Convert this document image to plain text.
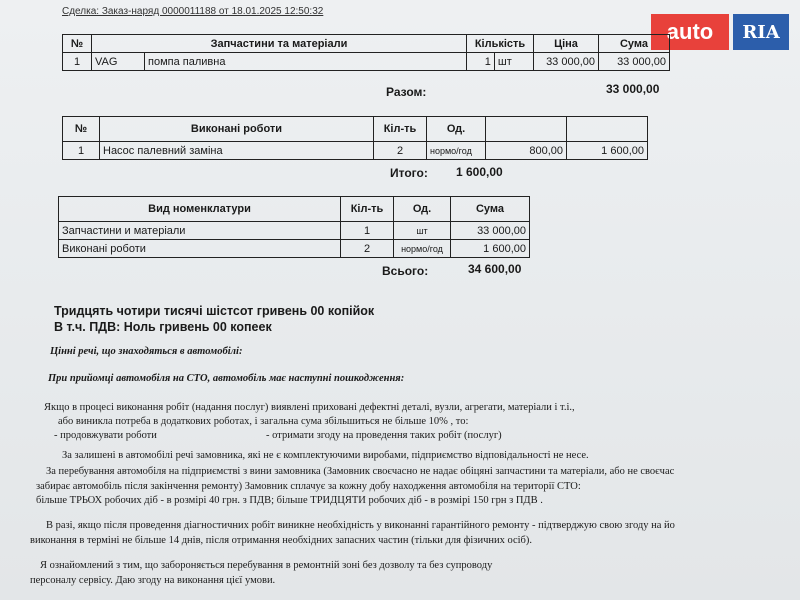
Сделка: Заказ-наряд 0000011188 от 18.01.2025 12:50:32
auto	RIA
№	Запчастини та матеріали		Кількість		Ціна	Сума
1	VAG	помпа паливна	1	шт	33 000,00	33 000,00
Разом:	33 000,00
№	Виконані роботи	Кіл-ть	Од.		
1	Насос палевний заміна	2	нормо/год	800,00	1 600,00
Итого: 1 600,00
Вид номенклатури	Кіл-ть	Од.	Сума
Запчастини и матеріали	1	шт	33 000,00
Виконані роботи	2	нормо/год	1 600,00
Всього:	34 600,00
Тридцять чотири тисячі шістсот гривень 00 копійок
В т.ч. ПДВ: Ноль гривень 00 копеек
Цінні речі, що знаходяться в автомобілі:
При прийомці автомобіля на СТО, автомобіль має наступні пошкодження:
Якщо в процесі виконання робіт (надання послуг) виявлені приховані дефектні деталі, вузли, агрегати, матеріали і т.і.,
або виникла потреба в додаткових роботах, і загальна сума збільшиться не більше 10% , то:
- продовжувати роботи	- отримати згоду на проведення таких робіт (послуг)
За залишені в автомобілі речі замовника, які не є комплектуючими виробами, підприємство відповідальності не несе.
За перебування автомобіля на підприємстві з вини замовника (Замовник своєчасно не надає обіцяні запчастини та матеріали, або не своєчас
забирає автомобіль після закінчення ремонту) Замовник сплачує за кожну добу находження автомобіля на території СТО:
більше ТРЬОХ робочих діб - в розмірі 40 грн. з ПДВ; більше ТРИДЦЯТИ робочих діб - в розмірі 150 грн з ПДВ .
В разі, якщо після проведення діагностичних робіт виникне необхідність у виконанні гарантійного ремонту - підтверджую свою згоду на йо
виконання в терміні не більше 14 днів, після отримання необхідних запасних частин (тільки для фізичних осіб).
Я ознайомлений з тим, що забороняється перебування в ремонтній зоні без дозволу та без супроводу
персоналу сервісу. Даю згоду на виконання цієї умови.
